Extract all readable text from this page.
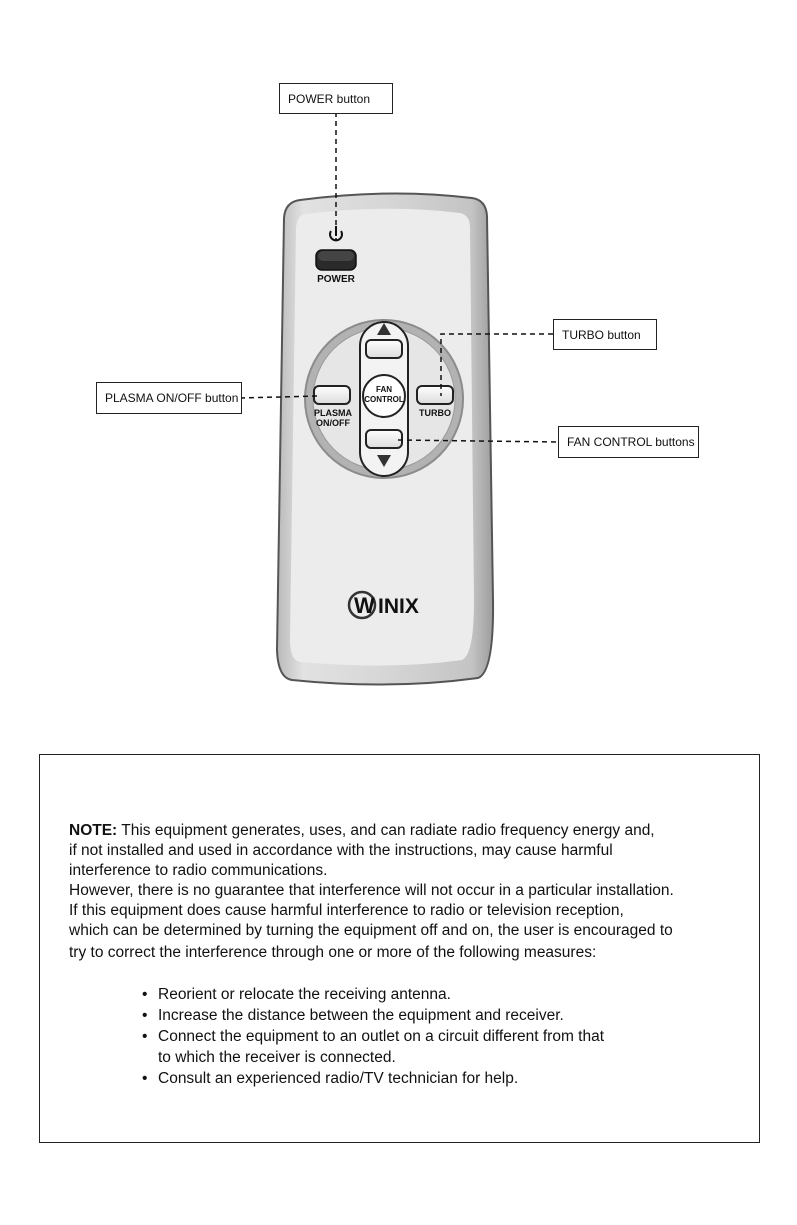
POWER
FAN
CONTROL
PLASMA
ON/OFF
TURBO
W INIX
POWER button
TURBO button
PLASMA ON/OFF button
FAN CONTROL buttons
NOTE: This equipment generates, uses, and can radiate radio frequency energy and,
if not installed and used in accordance with the instructions, may cause harmful
interference to radio communications.
However, there is no guarantee that interference will not occur in a particular installation.
If this equipment does cause harmful interference to radio or television reception,
which can be determined by turning the equipment off and on, the user is encouraged to
try to correct the interference through one or more of the following measures:
• Reorient or relocate the receiving antenna.
• Increase the distance between the equipment and receiver.
• Connect the equipment to an outlet on a circuit different from that
to which the receiver is connected.
• Consult an experienced radio/TV technician for help.
